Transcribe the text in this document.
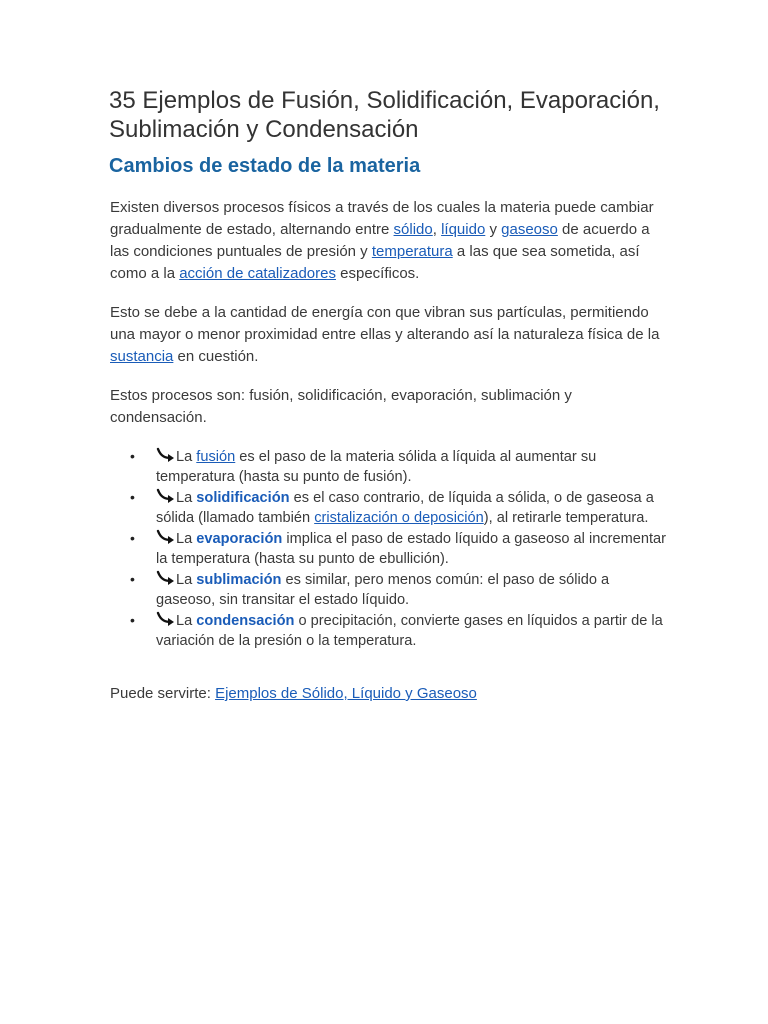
35 Ejemplos de Fusión, Solidificación, Evaporación, Sublimación y Condensación
Cambios de estado de la materia

Existen diversos procesos físicos a través de los cuales la materia puede cambiar gradualmente de estado, alternando entre sólido, líquido y gaseoso de acuerdo a las condiciones puntuales de presión y temperatura a las que sea sometida, así como a la acción de catalizadores específicos.

Esto se debe a la cantidad de energía con que vibran sus partículas, permitiendo una mayor o menor proximidad entre ellas y alterando así la naturaleza física de la sustancia en cuestión.

Estos procesos son: fusión, solidificación, evaporación, sublimación y condensación.

•	La fusión es el paso de la materia sólida a líquida al aumentar su temperatura (hasta su punto de fusión).
•	La solidificación es el caso contrario, de líquida a sólida, o de gaseosa a sólida (llamado también cristalización o deposición), al retirarle temperatura.
•	La evaporación implica el paso de estado líquido a gaseoso al incrementar la temperatura (hasta su punto de ebullición).
•	La sublimación es similar, pero menos común: el paso de sólido a gaseoso, sin transitar el estado líquido.
•	La condensación o precipitación, convierte gases en líquidos a partir de la variación de la presión o la temperatura.

Puede servirte: Ejemplos de Sólido, Líquido y Gaseoso
